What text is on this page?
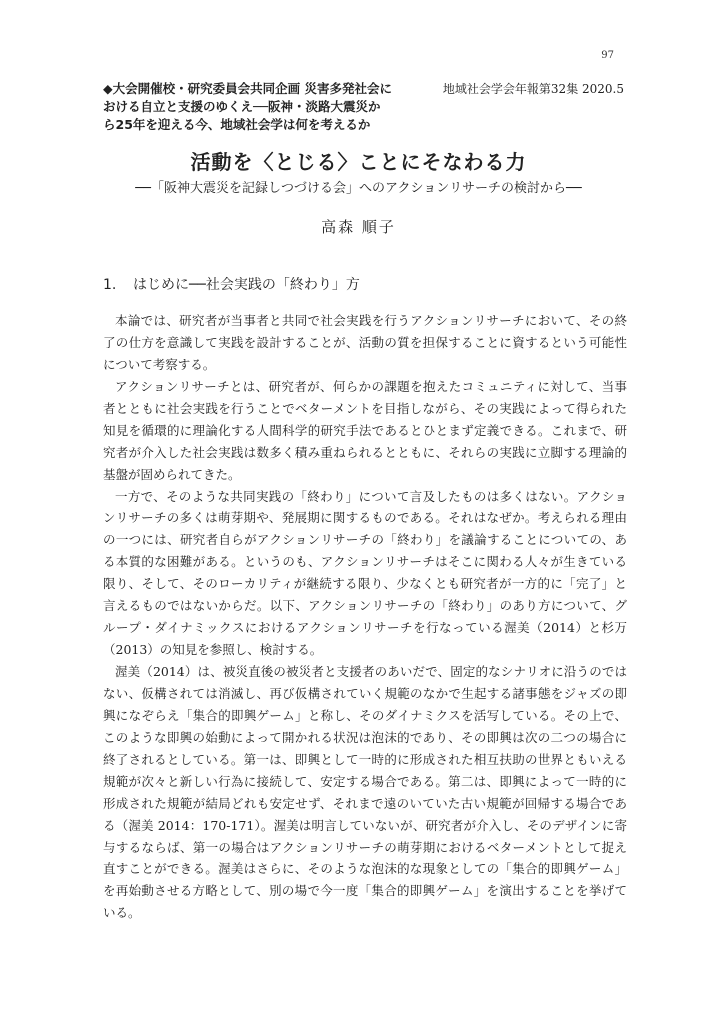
97
◆大会開催校・研究委員会共同企画 災害多発社会に
おける自立と支援のゆくえ──阪神・淡路大震災か
ら25年を迎える今、地域社会学は何を考えるか
地域社会学会年報第32集 2020.5
活動を〈とじる〉ことにそなわる力
──「阪神大震災を記録しつづける会」へのアクションリサーチの検討から──
高森 順子
1. はじめに──社会実践の「終わり」方
本論では、研究者が当事者と共同で社会実践を行うアクションリサーチにおいて、その終
了の仕方を意識して実践を設計することが、活動の質を担保することに資するという可能性
について考察する。
アクションリサーチとは、研究者が、何らかの課題を抱えたコミュニティに対して、当事
者とともに社会実践を行うことでベターメントを目指しながら、その実践によって得られた
知見を循環的に理論化する人間科学的研究手法であるとひとまず定義できる。これまで、研
究者が介入した社会実践は数多く積み重ねられるとともに、それらの実践に立脚する理論的
基盤が固められてきた。
一方で、そのような共同実践の「終わり」について言及したものは多くはない。アクショ
ンリサーチの多くは萌芽期や、発展期に関するものである。それはなぜか。考えられる理由
の一つには、研究者自らがアクションリサーチの「終わり」を議論することについての、あ
る本質的な困難がある。というのも、アクションリサーチはそこに関わる人々が生きている
限り、そして、そのローカリティが継続する限り、少なくとも研究者が一方的に「完了」と
言えるものではないからだ。以下、アクションリサーチの「終わり」のあり方について、グ
ループ・ダイナミックスにおけるアクションリサーチを行なっている渥美（2014）と杉万
（2013）の知見を参照し、検討する。
渥美（2014）は、被災直後の被災者と支援者のあいだで、固定的なシナリオに沿うのでは
ない、仮構されては消滅し、再び仮構されていく規範のなかで生起する諸事態をジャズの即
興になぞらえ「集合的即興ゲーム」と称し、そのダイナミクスを活写している。その上で、
このような即興の始動によって開かれる状況は泡沫的であり、その即興は次の二つの場合に
終了されるとしている。第一は、即興として一時的に形成された相互扶助の世界ともいえる
規範が次々と新しい行為に接続して、安定する場合である。第二は、即興によって一時的に
形成された規範が結局どれも安定せず、それまで遠のいていた古い規範が回帰する場合であ
る（渥美 2014：170-171）。渥美は明言していないが、研究者が介入し、そのデザインに寄
与するならば、第一の場合はアクションリサーチの萌芽期におけるベターメントとして捉え
直すことができる。渥美はさらに、そのような泡沫的な現象としての「集合的即興ゲーム」
を再始動させる方略として、別の場で今一度「集合的即興ゲーム」を演出することを挙げて
いる。
